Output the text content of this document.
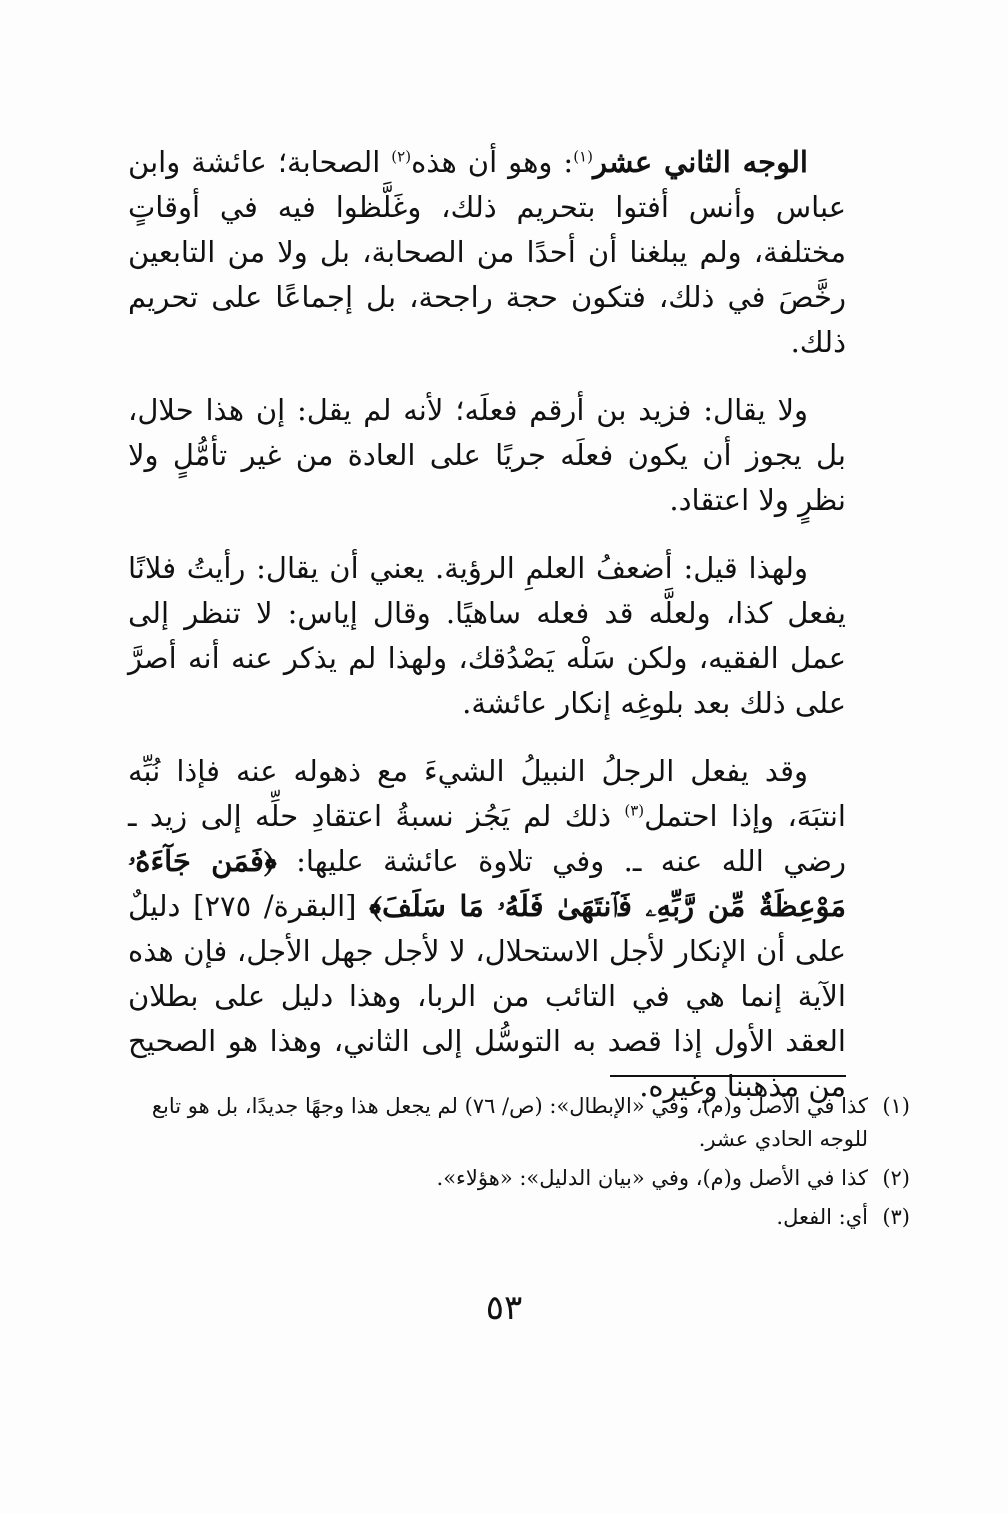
الوجه الثاني عشر$^{(١)}$: وهو أن هذه$^{(٢)}$ الصحابة؛ عائشة وابن عباس وأنس أفتوا بتحريم ذلك، وغَلَّظوا فيه في أوقاتٍ مختلفة، ولم يبلغنا أن أحدًا من الصحابة، بل ولا من التابعين رخَّصَ في ذلك، فتكون حجة راجحة، بل إجماعًا على تحريم ذلك.

ولا يقال: فزيد بن أرقم فعلَه؛ لأنه لم يقل: إن هذا حلال، بل يجوز أن يكون فعلَه جريًا على العادة من غير تأمُّلٍ ولا نظرٍ ولا اعتقاد.

ولهذا قيل: أضعفُ العلمِ الرؤية. يعني أن يقال: رأيتُ فلانًا يفعل كذا، ولعلَّه قد فعله ساهيًا. وقال إياس: لا تنظر إلى عمل الفقيه، ولكن سَلْه يَصْدُقك، ولهذا لم يذكر عنه أنه أصرَّ على ذلك بعد بلوغِه إنكار عائشة.

وقد يفعل الرجلُ النبيلُ الشيءَ مع ذهوله عنه فإذا نُبِّه انتبَهَ، وإذا احتمل$^{(٣)}$ ذلك لم يَجُز نسبةُ اعتقادِ حلِّه إلى زيد ـ رضي الله عنه ـ. وفي تلاوة عائشة عليها: ﴿فَمَن جَآءَهُۥ مَوْعِظَةٌ مِّن رَّبِّهِۦ فَٱنتَهَىٰ فَلَهُۥ مَا سَلَفَ﴾ [البقرة/ ٢٧٥] دليلٌ على أن الإنكار لأجل الاستحلال، لا لأجل جهل الأجل، فإن هذه الآية إنما هي في التائب من الربا، وهذا دليل على بطلان العقد الأول إذا قصد به التوسُّل إلى الثاني، وهذا هو الصحيح من مذهبنا وغيره.

(١)
كذا في الأصل و(م)، وفي «الإبطال»: (ص/ ٧٦) لم يجعل هذا وجهًا جديدًا، بل هو تابع للوجه الحادي عشر.
(٢)
كذا في الأصل و(م)، وفي «بيان الدليل»: «هؤلاء».
(٣)
أي: الفعل.
٥٣
